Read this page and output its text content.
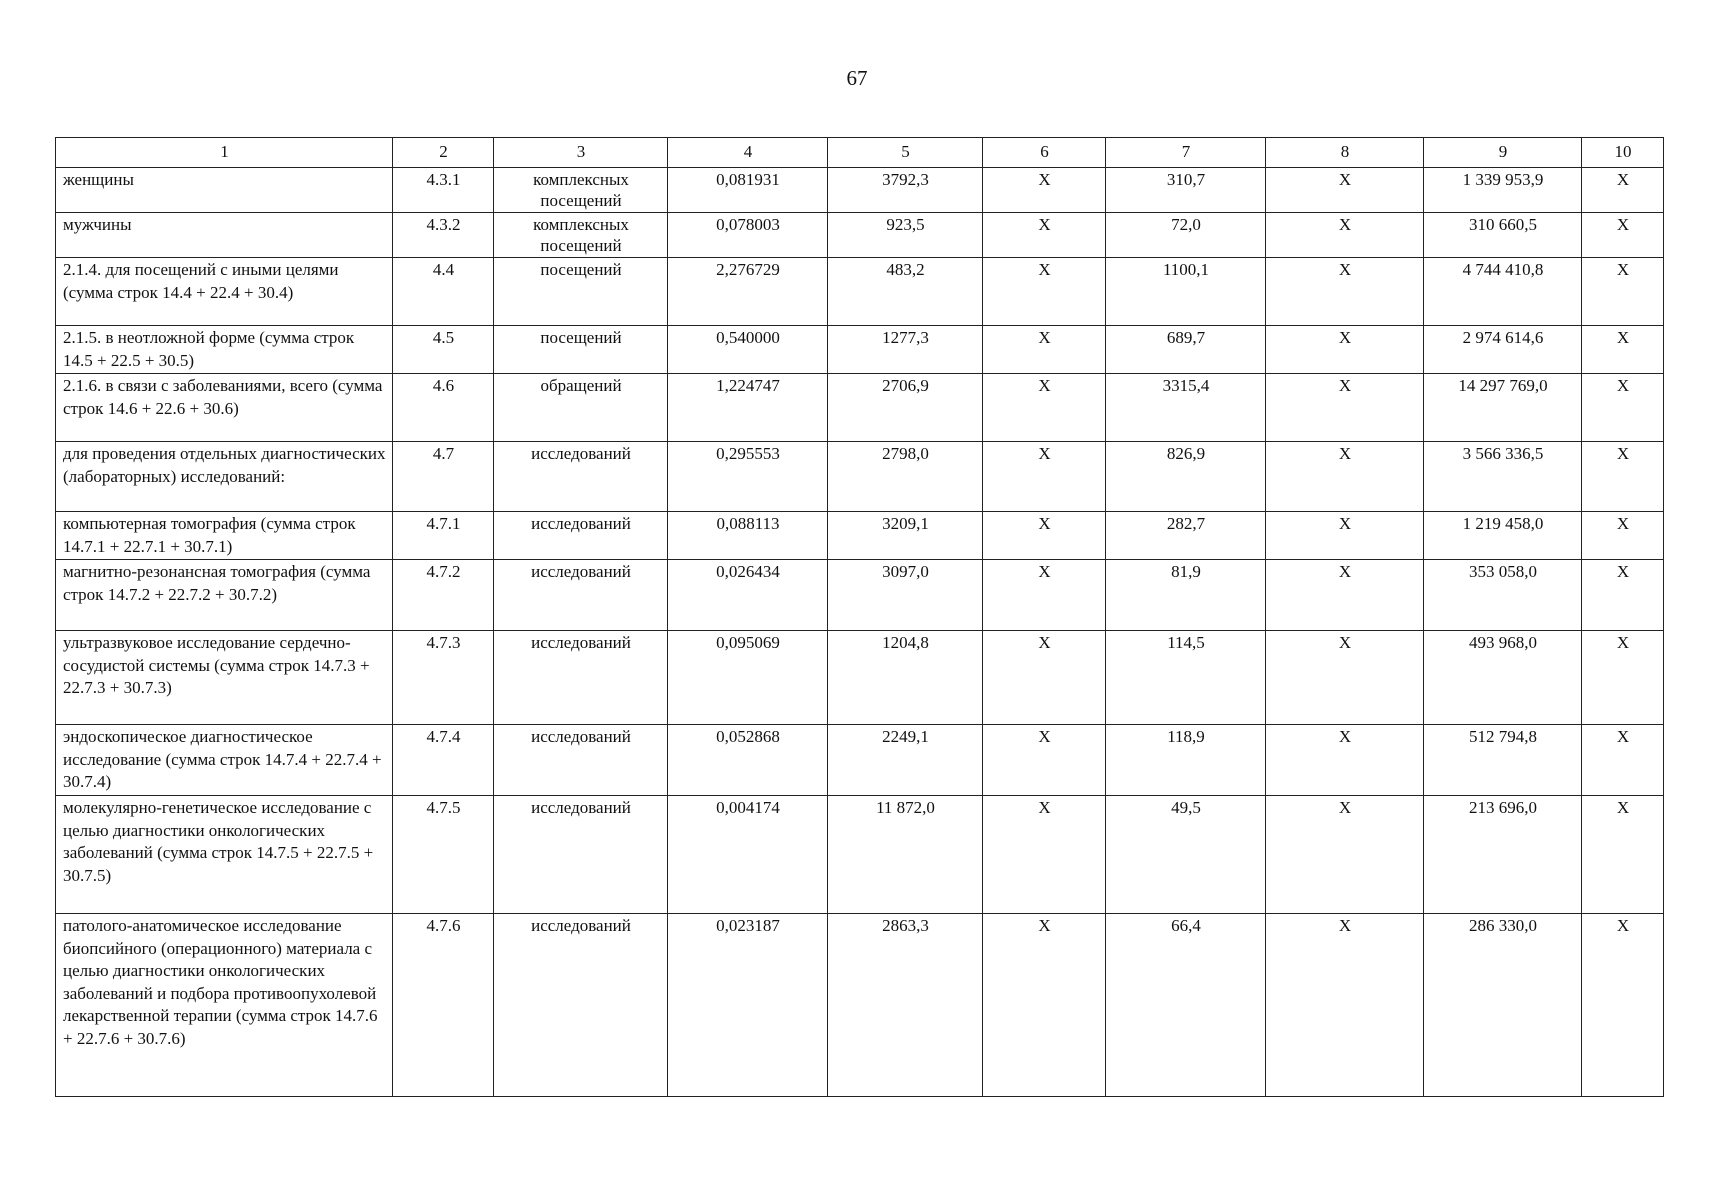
67
1	2	3	4	5	6	7	8	9	10
женщины	4.3.1	комплексных посещений	0,081931	3792,3	Х	310,7	Х	1 339 953,9	Х
мужчины	4.3.2	комплексных посещений	0,078003	923,5	Х	72,0	Х	310 660,5	Х
2.1.4. для посещений с иными целями (сумма строк 14.4 + 22.4 + 30.4)	4.4	посещений	2,276729	483,2	Х	1100,1	Х	4 744 410,8	Х
2.1.5. в неотложной форме (сумма строк 14.5 + 22.5 + 30.5)	4.5	посещений	0,540000	1277,3	Х	689,7	Х	2 974 614,6	Х
2.1.6. в связи с заболеваниями, всего (сумма строк 14.6 + 22.6 + 30.6)	4.6	обращений	1,224747	2706,9	Х	3315,4	Х	14 297 769,0	Х
для проведения отдельных диагностических (лабораторных) исследований:	4.7	исследований	0,295553	2798,0	Х	826,9	Х	3 566 336,5	Х
компьютерная томография (сумма строк 14.7.1 + 22.7.1 + 30.7.1)	4.7.1	исследований	0,088113	3209,1	Х	282,7	Х	1 219 458,0	Х
магнитно-резонансная томография (сумма строк 14.7.2 + 22.7.2 + 30.7.2)	4.7.2	исследований	0,026434	3097,0	Х	81,9	Х	353 058,0	Х
ультразвуковое исследование сердечно-сосудистой системы (сумма строк 14.7.3 + 22.7.3 + 30.7.3)	4.7.3	исследований	0,095069	1204,8	Х	114,5	Х	493 968,0	Х
эндоскопическое диагностическое исследование (сумма строк 14.7.4 + 22.7.4 + 30.7.4)	4.7.4	исследований	0,052868	2249,1	Х	118,9	Х	512 794,8	Х
молекулярно-генетическое исследование с целью диагностики онкологических заболеваний (сумма строк 14.7.5 + 22.7.5 + 30.7.5)	4.7.5	исследований	0,004174	11 872,0	Х	49,5	Х	213 696,0	Х
патолого-анатомическое исследование биопсийного (операционного) материала с целью диагностики онкологических заболеваний и подбора противоопухолевой лекарственной терапии (сумма строк 14.7.6 + 22.7.6 + 30.7.6)	4.7.6	исследований	0,023187	2863,3	Х	66,4	Х	286 330,0	Х
